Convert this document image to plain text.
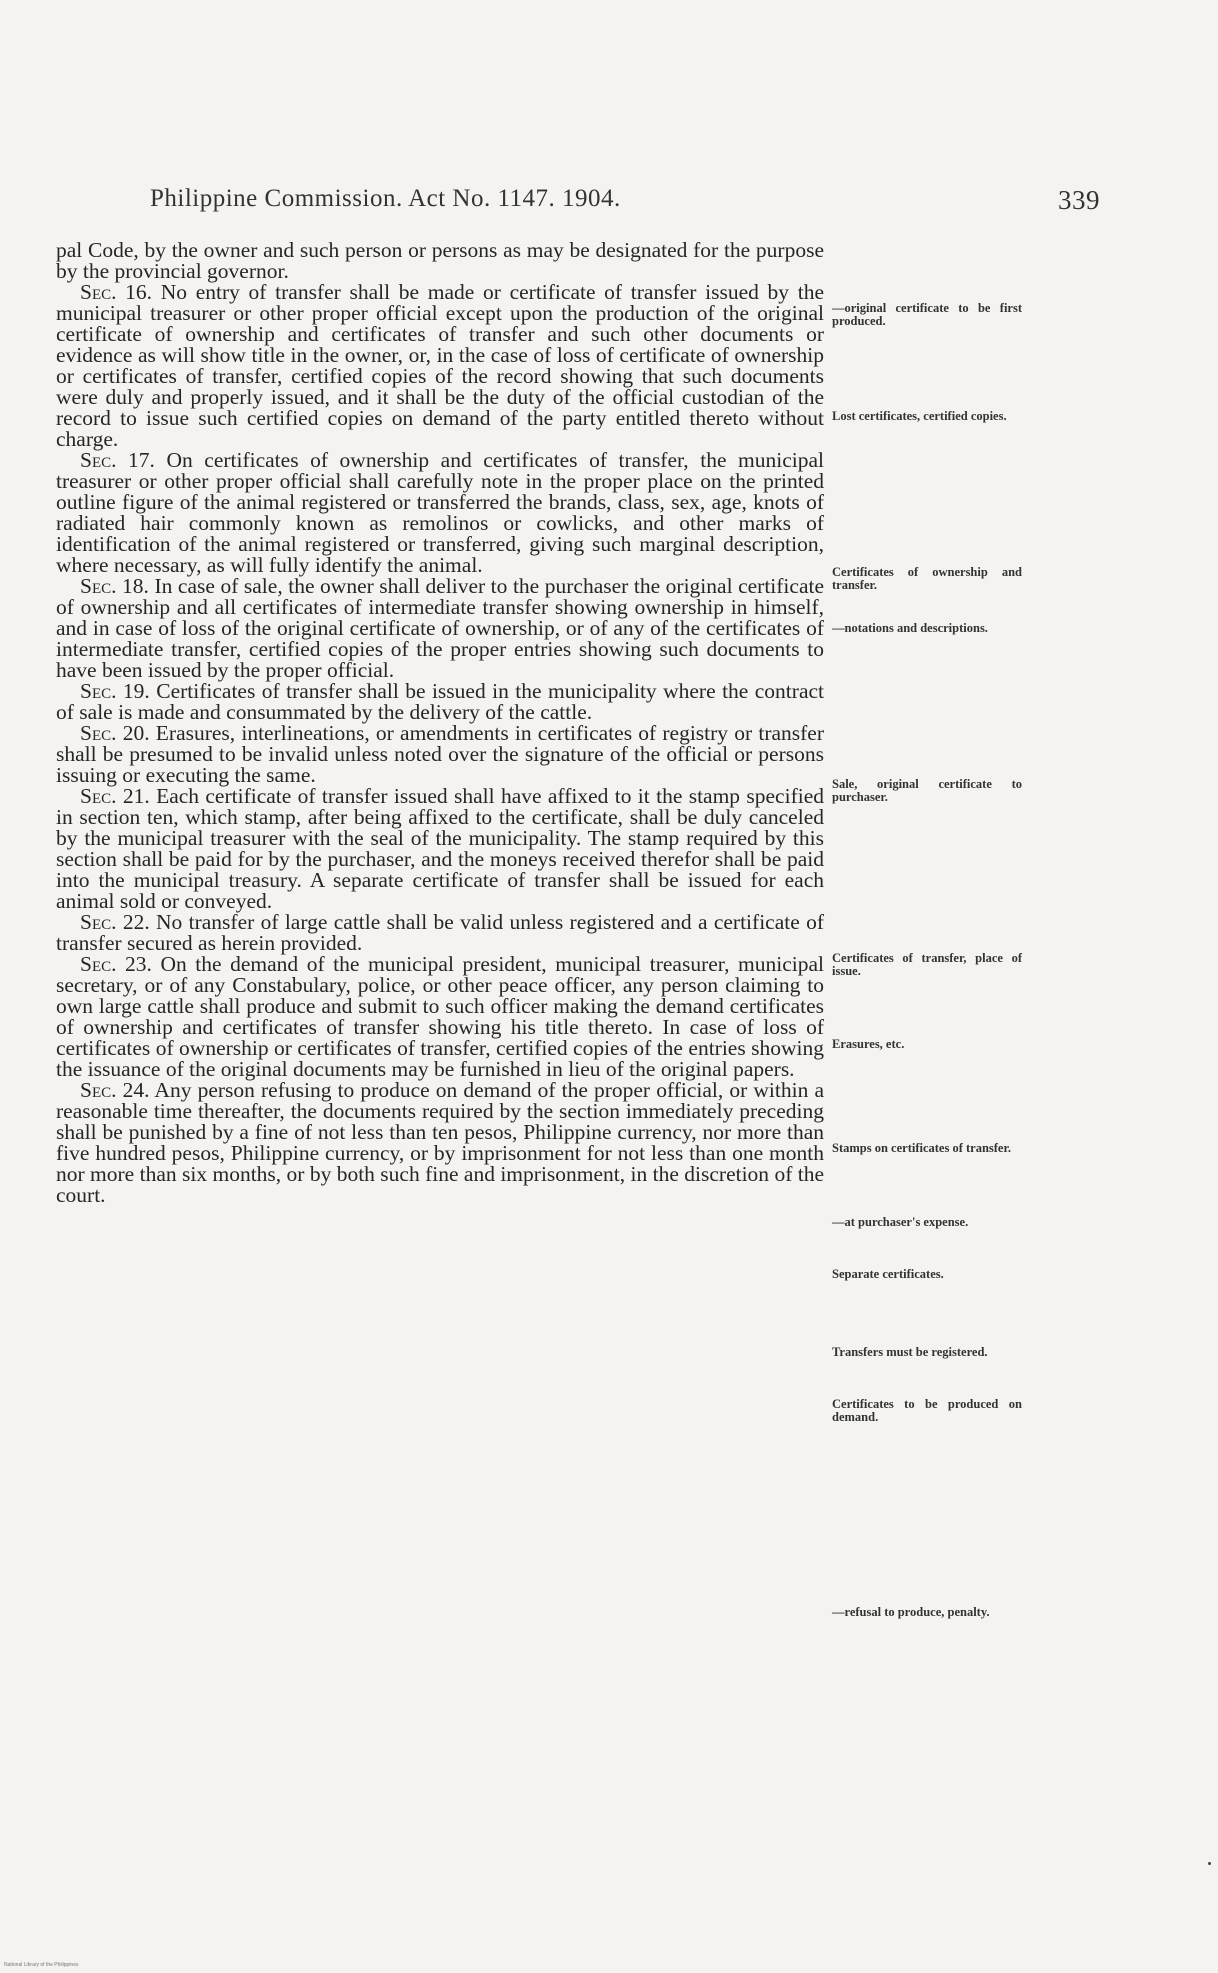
Philippine Commission. Act No. 1147. 1904.	339

pal Code, by the owner and such person or persons as may be designated for the purpose by the provincial governor.

Sec. 16. No entry of transfer shall be made or certificate of transfer issued by the municipal treasurer or other proper official except upon the production of the original certificate of ownership and certificates of transfer and such other documents or evidence as will show title in the owner, or, in the case of loss of certificate of ownership or certificates of transfer, certified copies of the record showing that such documents were duly and properly issued, and it shall be the duty of the official custodian of the record to issue such certified copies on demand of the party entitled thereto without charge.

Sec. 17. On certificates of ownership and certificates of transfer, the municipal treasurer or other proper official shall carefully note in the proper place on the printed outline figure of the animal registered or transferred the brands, class, sex, age, knots of radiated hair commonly known as remolinos or cowlicks, and other marks of identification of the animal registered or transferred, giving such marginal description, where necessary, as will fully identify the animal.

Sec. 18. In case of sale, the owner shall deliver to the purchaser the original certificate of ownership and all certificates of intermediate transfer showing ownership in himself, and in case of loss of the original certificate of ownership, or of any of the certificates of intermediate transfer, certified copies of the proper entries showing such documents to have been issued by the proper official.

Sec. 19. Certificates of transfer shall be issued in the municipality where the contract of sale is made and consummated by the delivery of the cattle.

Sec. 20. Erasures, interlineations, or amendments in certificates of registry or transfer shall be presumed to be invalid unless noted over the signature of the official or persons issuing or executing the same.

Sec. 21. Each certificate of transfer issued shall have affixed to it the stamp specified in section ten, which stamp, after being affixed to the certificate, shall be duly canceled by the municipal treasurer with the seal of the municipality. The stamp required by this section shall be paid for by the purchaser, and the moneys received therefor shall be paid into the municipal treasury. A separate certificate of transfer shall be issued for each animal sold or conveyed.

Sec. 22. No transfer of large cattle shall be valid unless registered and a certificate of transfer secured as herein provided.

Sec. 23. On the demand of the municipal president, municipal treasurer, municipal secretary, or of any Constabulary, police, or other peace officer, any person claiming to own large cattle shall produce and submit to such officer making the demand certificates of ownership and certificates of transfer showing his title thereto. In case of loss of certificates of ownership or certificates of transfer, certified copies of the entries showing the issuance of the original documents may be furnished in lieu of the original papers.

Sec. 24. Any person refusing to produce on demand of the proper official, or within a reasonable time thereafter, the documents required by the section immediately preceding shall be punished by a fine of not less than ten pesos, Philippine currency, nor more than five hundred pesos, Philippine currency, or by imprisonment for not less than one month nor more than six months, or by both such fine and imprisonment, in the discretion of the court.

—original certificate to be first produced.
Lost certificates, certified copies.
Certificates of ownership and transfer.
—notations and descriptions.
Sale, original certificate to purchaser.
Certificates of transfer, place of issue.
Erasures, etc.
Stamps on certificates of transfer.
—at purchaser's expense.
Separate certificates.
Transfers must be registered.
Certificates to be produced on demand.
—refusal to produce, penalty.
National Library of the Philippines
